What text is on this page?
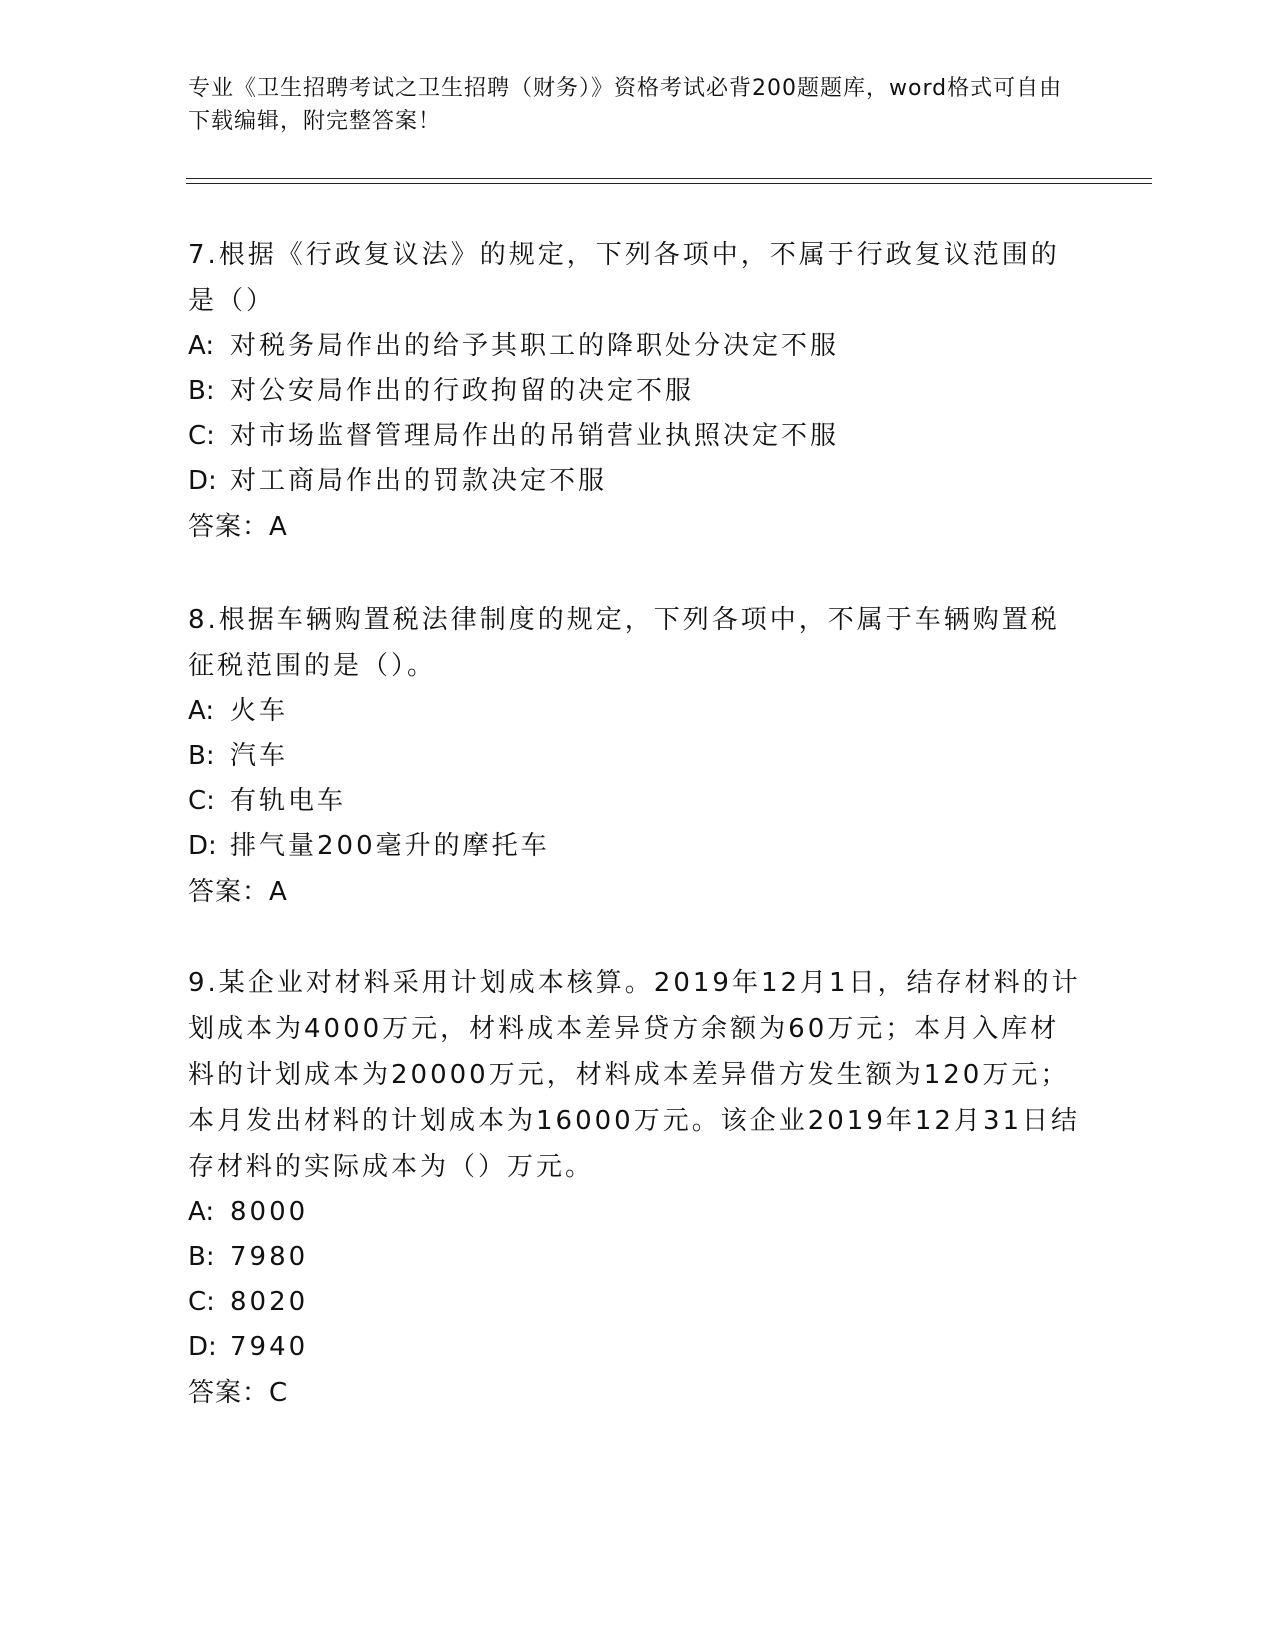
专业《卫生招聘考试之卫生招聘（财务）》资格考试必背200题题库，word格式可自由下载编辑，附完整答案！

7.根据《行政复议法》的规定，下列各项中，不属于行政复议范围的是（）

A: 对税务局作出的给予其职工的降职处分决定不服

B: 对公安局作出的行政拘留的决定不服

C: 对市场监督管理局作出的吊销营业执照决定不服

D: 对工商局作出的罚款决定不服

答案：A

8.根据车辆购置税法律制度的规定，下列各项中，不属于车辆购置税征税范围的是（）。

A: 火车

B: 汽车

C: 有轨电车

D: 排气量200毫升的摩托车

答案：A

9.某企业对材料采用计划成本核算。2019年12月1日，结存材料的计划成本为4000万元，材料成本差异贷方余额为60万元；本月入库材料的计划成本为20000万元，材料成本差异借方发生额为120万元；本月发出材料的计划成本为16000万元。该企业2019年12月31日结存材料的实际成本为（）万元。

A: 8000

B: 7980

C: 8020

D: 7940

答案：C
